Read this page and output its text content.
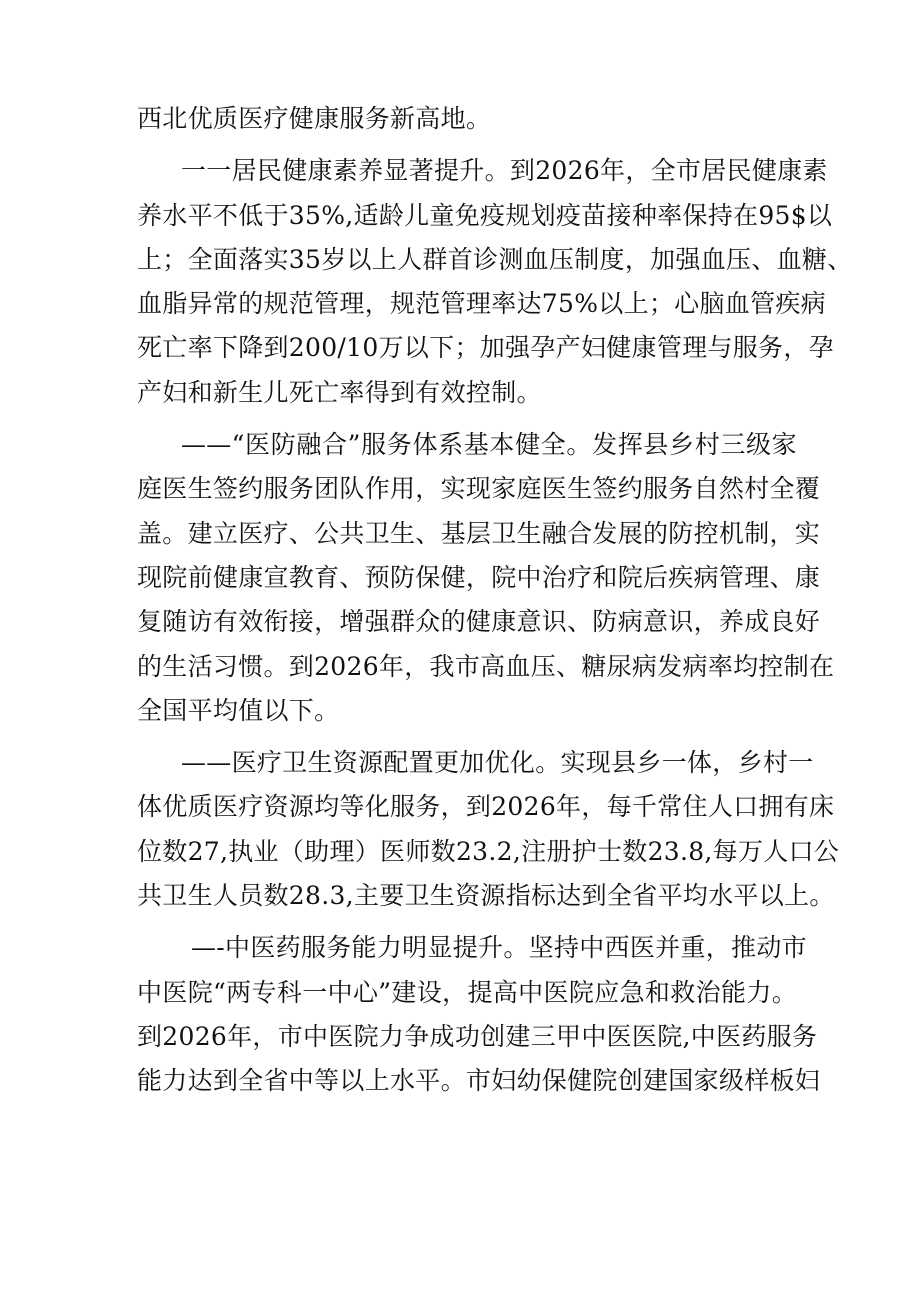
西北优质医疗健康服务新高地。
一一居民健康素养显著提升。到2026年，全市居民健康素
养水平不低于35%,适龄儿童免疫规划疫苗接种率保持在95$以
上；全面落实35岁以上人群首诊测血压制度，加强血压、血糖、
血脂异常的规范管理，规范管理率达75%以上；心脑血管疾病
死亡率下降到200/10万以下；加强孕产妇健康管理与服务，孕
产妇和新生儿死亡率得到有效控制。
——“医防融合”服务体系基本健全。发挥县乡村三级家
庭医生签约服务团队作用，实现家庭医生签约服务自然村全覆
盖。建立医疗、公共卫生、基层卫生融合发展的防控机制，实
现院前健康宣教育、预防保健，院中治疗和院后疾病管理、康
复随访有效衔接，增强群众的健康意识、防病意识，养成良好
的生活习惯。到2026年，我市高血压、糖尿病发病率均控制在
全国平均值以下。
——医疗卫生资源配置更加优化。实现县乡一体，乡村一
体优质医疗资源均等化服务，到2026年，每千常住人口拥有床
位数27,执业（助理）医师数23.2,注册护士数23.8,每万人口公
共卫生人员数28.3,主要卫生资源指标达到全省平均水平以上。
—-中医药服务能力明显提升。坚持中西医并重，推动市
中医院“两专科一中心”建设，提高中医院应急和救治能力。
到2026年，市中医院力争成功创建三甲中医医院,中医药服务
能力达到全省中等以上水平。市妇幼保健院创建国家级样板妇
